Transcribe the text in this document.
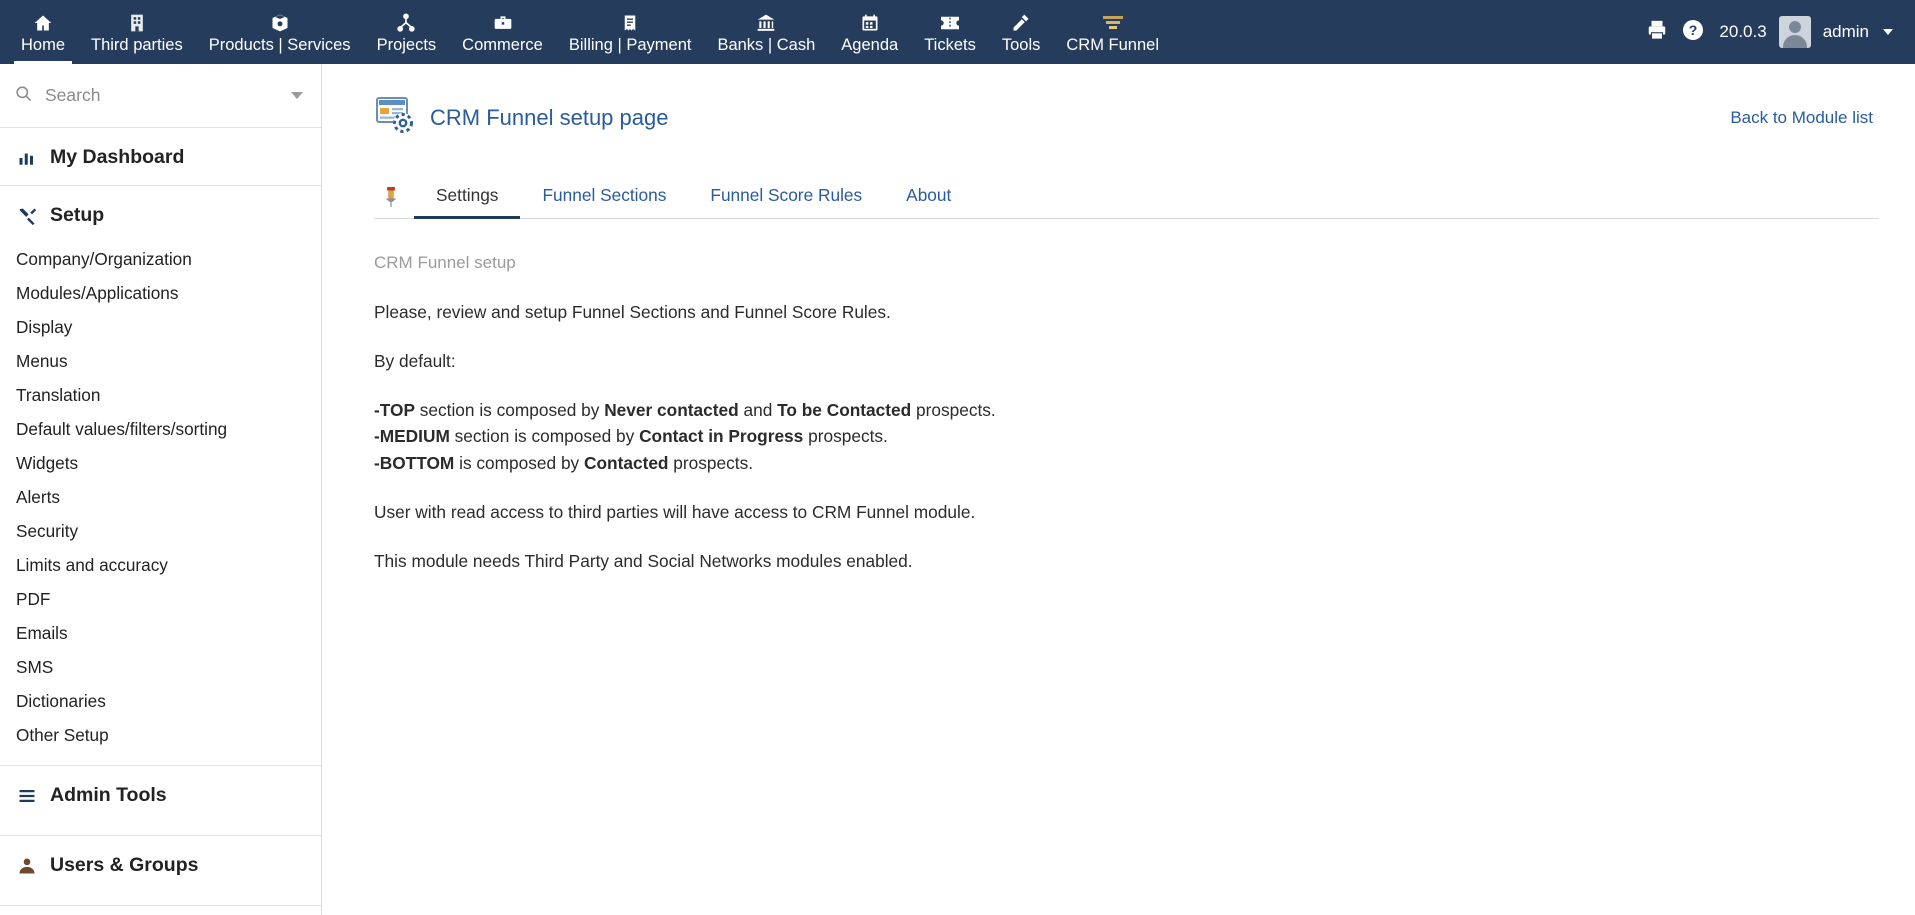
Home Third parties Products | Services Projects Commerce Billing | Payment Banks | Cash Agenda Tickets Tools CRM Funnel
? 20.0.3	admin
Search
My Dashboard
Setup
Company/Organization
Modules/Applications
Display
Menus
Translation
Default values/filters/sorting
Widgets
Alerts
Security
Limits and accuracy
PDF
Emails
SMS
Dictionaries
Other Setup
Admin Tools
Users & Groups
CRM Funnel setup page	Back to Module list
Settings	Funnel Sections	Funnel Score Rules	About
CRM Funnel setup

Please, review and setup Funnel Sections and Funnel Score Rules.

By default:

-TOP section is composed by Never contacted and To be Contacted prospects.

-MEDIUM section is composed by Contact in Progress prospects.

-BOTTOM is composed by Contacted prospects.

User with read access to third parties will have access to CRM Funnel module.

This module needs Third Party and Social Networks modules enabled.
